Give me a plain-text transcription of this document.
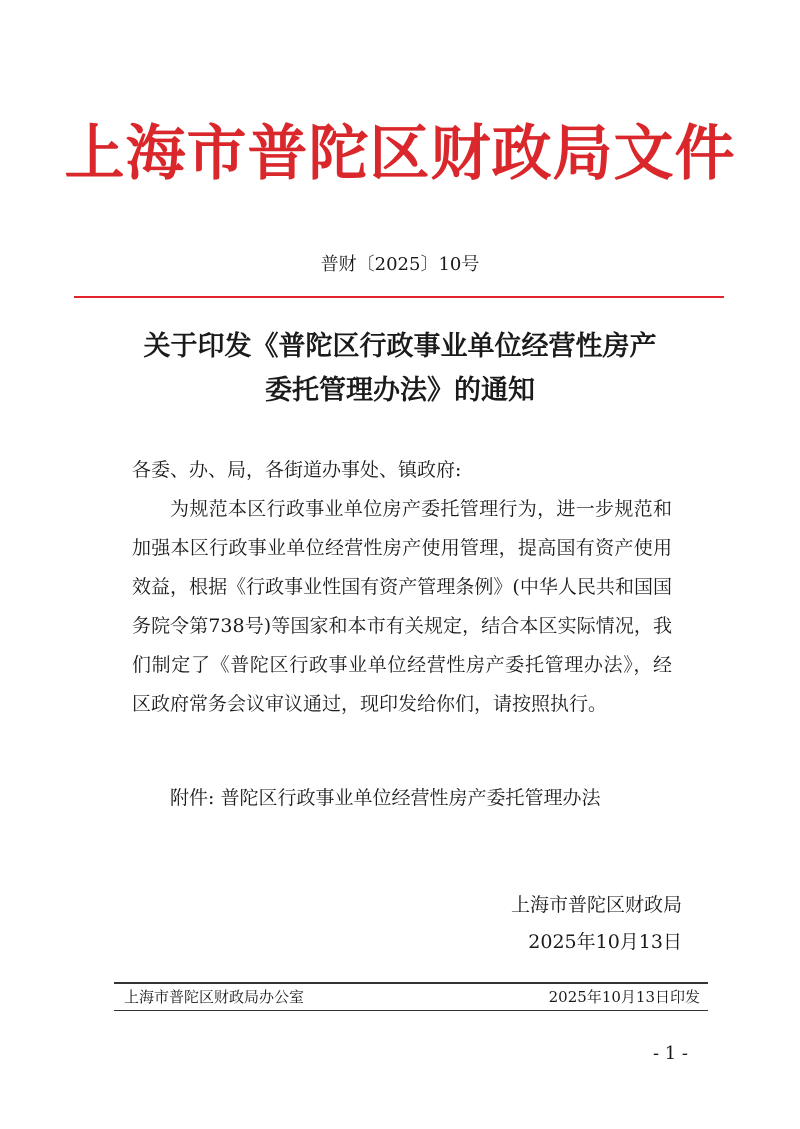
上海市普陀区财政局文件
普财〔2025〕10号
关于印发《普陀区行政事业单位经营性房产
委托管理办法》的通知

各委、办、局，各街道办事处、镇政府:

为规范本区行政事业单位房产委托管理行为，进一步规范和加强本区行政事业单位经营性房产使用管理，提高国有资产使用效益，根据《行政事业性国有资产管理条例》(中华人民共和国国务院令第738号)等国家和本市有关规定，结合本区实际情况，我们制定了《普陀区行政事业单位经营性房产委托管理办法》，经区政府常务会议审议通过，现印发给你们，请按照执行。

附件: 普陀区行政事业单位经营性房产委托管理办法
上海市普陀区财政局
2025年10月13日
上海市普陀区财政局办公室	2025年10月13日印发
- 1 -
